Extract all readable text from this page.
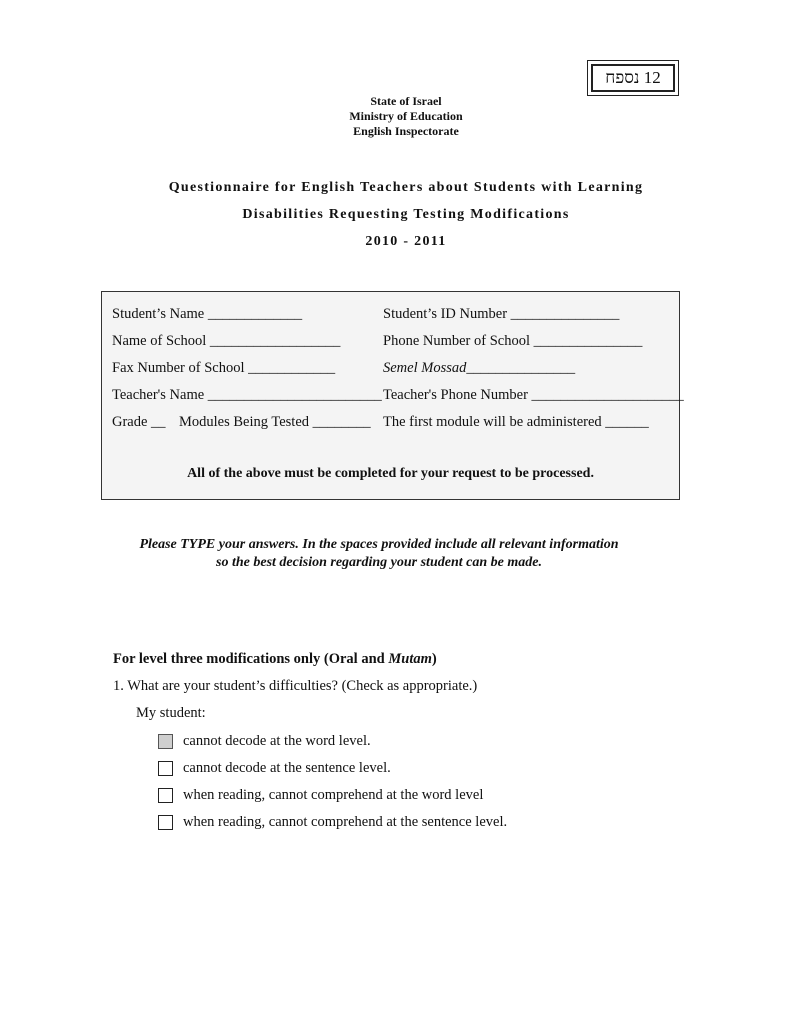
12 נספח
State of Israel
Ministry of Education
English Inspectorate
Questionnaire for English Teachers about Students with Learning
Disabilities Requesting Testing Modifications
2010 - 2011
Student’s Name _____________	Student’s ID Number _______________
Name of School __________________	Phone Number of School _______________
Fax Number of School ____________	Semel Mossad_______________
Teacher's Name ________________________ Teacher's Phone Number _____________________
Grade __ Modules Being Tested ________ The first module will be administered ______
All of the above must be completed for your request to be processed.
Please TYPE your answers. In the spaces provided include all relevant information
so the best decision regarding your student can be made.
For level three modifications only (Oral and Mutam)
1. What are your student’s difficulties? (Check as appropriate.)
My student:
cannot decode at the word level.
cannot decode at the sentence level.
when reading, cannot comprehend at the word level
when reading, cannot comprehend at the sentence level.
